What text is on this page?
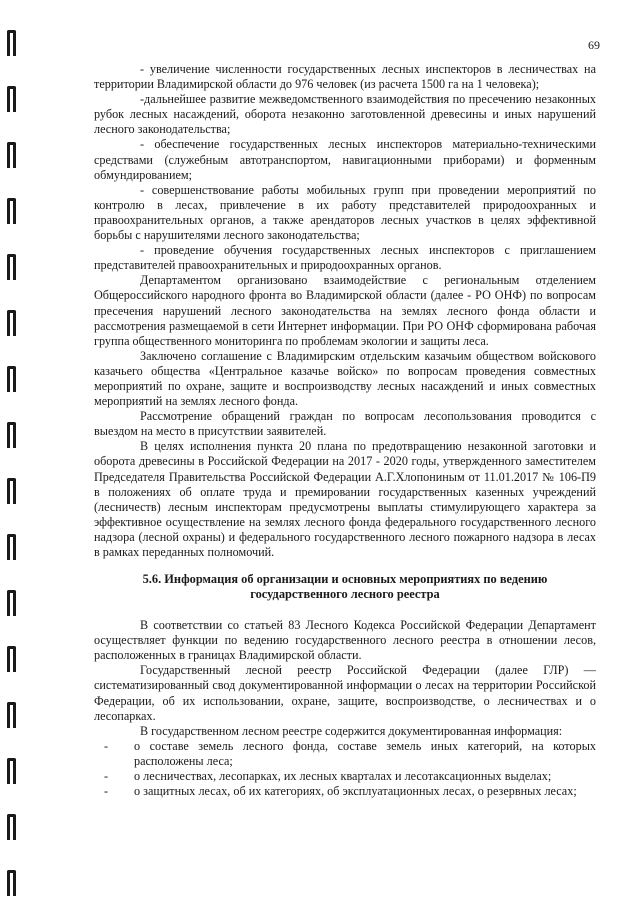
69

- увеличение численности государственных лесных инспекторов в лесничествах на территории Владимирской области до 976 человек (из расчета 1500 га на 1 человека);

-дальнейшее развитие межведомственного взаимодействия по пресечению незаконных рубок лесных насаждений, оборота незаконно заготовленной древесины и иных нарушений лесного законодательства;

- обеспечение государственных лесных инспекторов материально-техническими средствами (служебным автотранспортом, навигационными приборами) и форменным обмундированием;

- совершенствование работы мобильных групп при проведении мероприятий по контролю в лесах, привлечение в их работу представителей природоохранных и правоохранительных органов, а также арендаторов лесных участков в целях эффективной борьбы с нарушителями лесного законодательства;

- проведение обучения государственных лесных инспекторов с приглашением представителей правоохранительных и природоохранных органов.

Департаментом организовано взаимодействие с региональным отделением Общероссийского народного фронта во Владимирской области (далее - РО ОНФ) по вопросам пресечения нарушений лесного законодательства на землях лесного фонда области и рассмотрения размещаемой в сети Интернет информации. При РО ОНФ сформирована рабочая группа общественного мониторинга по проблемам экологии и защиты леса.

Заключено соглашение с Владимирским отдельским казачьим обществом войскового казачьего общества «Центральное казачье войско» по вопросам проведения совместных мероприятий по охране, защите и воспроизводству лесных насаждений и иных совместных мероприятий на землях лесного фонда.

Рассмотрение обращений граждан по вопросам лесопользования проводится с выездом на место в присутствии заявителей.

В целях исполнения пункта 20 плана по предотвращению незаконной заготовки и оборота древесины в Российской Федерации на 2017 - 2020 годы, утвержденного заместителем Председателя Правительства Российской Федерации А.Г.Хлопониным от 11.01.2017 № 106-П9 в положениях об оплате труда и премировании государственных казенных учреждений (лесничеств) лесным инспекторам предусмотрены выплаты стимулирующего характера за эффективное осуществление на землях лесного фонда федерального государственного лесного надзора (лесной охраны) и федерального государственного лесного пожарного надзора в лесах в рамках переданных полномочий.

5.6. Информация об организации и основных мероприятиях по ведению
государственного лесного реестра

В соответствии со статьей 83 Лесного Кодекса Российской Федерации Департамент осуществляет функции по ведению государственного лесного реестра в отношении лесов, расположенных в границах Владимирской области.

Государственный лесной реестр Российской Федерации (далее ГЛР) — систематизированный свод документированной информации о лесах на территории Российской Федерации, об их использовании, охране, защите, воспроизводстве, о лесничествах и о лесопарках.

В государственном лесном реестре содержится документированная информация:

- о составе земель лесного фонда, составе земель иных категорий, на которых расположены леса;
- о лесничествах, лесопарках, их лесных кварталах и лесотаксационных выделах;
- о защитных лесах, об их категориях, об эксплуатационных лесах, о резервных лесах;
